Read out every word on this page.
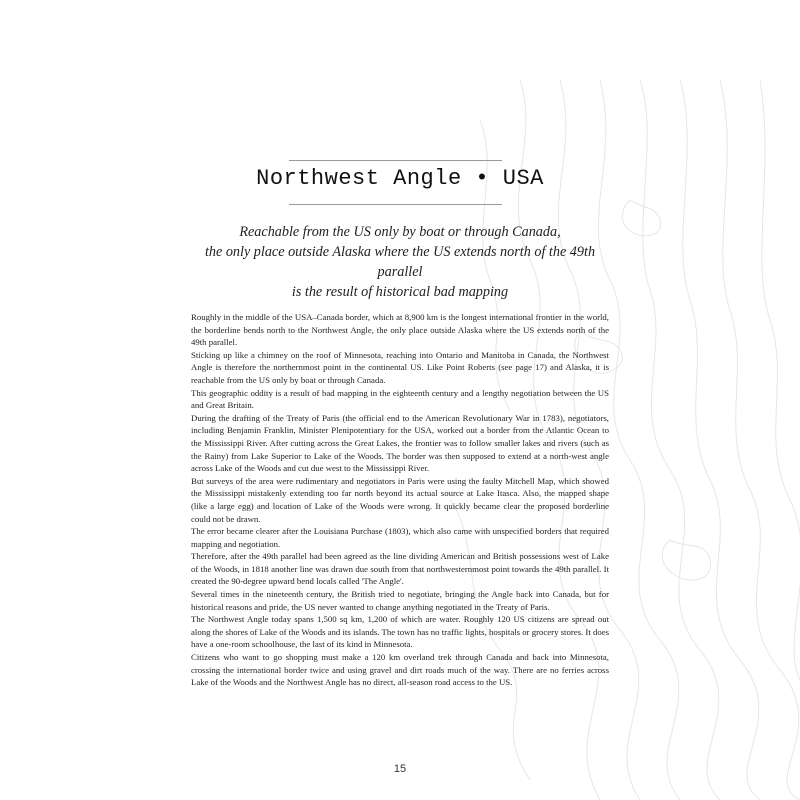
Northwest Angle • USA
Reachable from the US only by boat or through Canada,
the only place outside Alaska where the US extends north of the 49th parallel
is the result of historical bad mapping

Roughly in the middle of the USA–Canada border, which at 8,900 km is the longest international frontier in the world, the borderline bends north to the Northwest Angle, the only place outside Alaska where the US extends north of the 49th parallel.

Sticking up like a chimney on the roof of Minnesota, reaching into Ontario and Manitoba in Canada, the Northwest Angle is therefore the northernmost point in the continental US. Like Point Roberts (see page 17) and Alaska, it is reachable from the US only by boat or through Canada.

This geographic oddity is a result of bad mapping in the eighteenth century and a lengthy negotiation between the US and Great Britain.

During the drafting of the Treaty of Paris (the official end to the American Revolutionary War in 1783), negotiators, including Benjamin Franklin, Minister Plenipotentiary for the USA, worked out a border from the Atlantic Ocean to the Mississippi River. After cutting across the Great Lakes, the frontier was to follow smaller lakes and rivers (such as the Rainy) from Lake Superior to Lake of the Woods. The border was then supposed to extend at a north-west angle across Lake of the Woods and cut due west to the Mississippi River.

But surveys of the area were rudimentary and negotiators in Paris were using the faulty Mitchell Map, which showed the Mississippi mistakenly extending too far north beyond its actual source at Lake Itasca. Also, the mapped shape (like a large egg) and location of Lake of the Woods were wrong. It quickly became clear the proposed borderline could not be drawn.

The error became clearer after the Louisiana Purchase (1803), which also came with unspecified borders that required mapping and negotiation.

Therefore, after the 49th parallel had been agreed as the line dividing American and British possessions west of Lake of the Woods, in 1818 another line was drawn due south from that northwesternmost point towards the 49th parallel. It created the 90-degree upward bend locals called 'The Angle'.

Several times in the nineteenth century, the British tried to negotiate, bringing the Angle back into Canada, but for historical reasons and pride, the US never wanted to change anything negotiated in the Treaty of Paris.

The Northwest Angle today spans 1,500 sq km, 1,200 of which are water. Roughly 120 US citizens are spread out along the shores of Lake of the Woods and its islands. The town has no traffic lights, hospitals or grocery stores. It does have a one-room schoolhouse, the last of its kind in Minnesota.

Citizens who want to go shopping must make a 120 km overland trek through Canada and back into Minnesota, crossing the international border twice and using gravel and dirt roads much of the way. There are no ferries across Lake of the Woods and the Northwest Angle has no direct, all-season road access to the US.

15
